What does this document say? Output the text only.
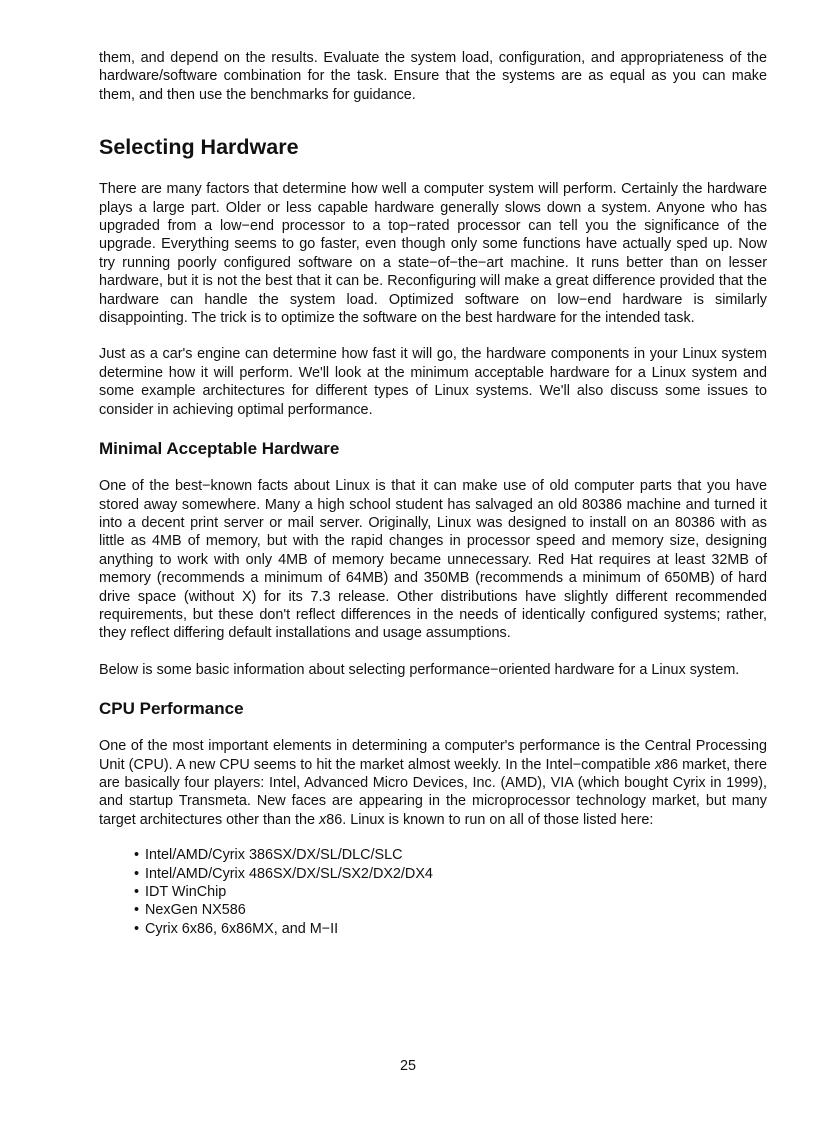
them, and depend on the results. Evaluate the system load, configuration, and appropriateness of the hardware/software combination for the task. Ensure that the systems are as equal as you can make them, and then use the benchmarks for guidance.

Selecting Hardware

There are many factors that determine how well a computer system will perform. Certainly the hardware plays a large part. Older or less capable hardware generally slows down a system. Anyone who has upgraded from a low−end processor to a top−rated processor can tell you the significance of the upgrade. Everything seems to go faster, even though only some functions have actually sped up. Now try running poorly configured software on a state−of−the−art machine. It runs better than on lesser hardware, but it is not the best that it can be. Reconfiguring will make a great difference provided that the hardware can handle the system load. Optimized software on low−end hardware is similarly disappointing. The trick is to optimize the software on the best hardware for the intended task.

Just as a car's engine can determine how fast it will go, the hardware components in your Linux system determine how it will perform. We'll look at the minimum acceptable hardware for a Linux system and some example architectures for different types of Linux systems. We'll also discuss some issues to consider in achieving optimal performance.

Minimal Acceptable Hardware

One of the best−known facts about Linux is that it can make use of old computer parts that you have stored away somewhere. Many a high school student has salvaged an old 80386 machine and turned it into a decent print server or mail server. Originally, Linux was designed to install on an 80386 with as little as 4MB of memory, but with the rapid changes in processor speed and memory size, designing anything to work with only 4MB of memory became unnecessary. Red Hat requires at least 32MB of memory (recommends a minimum of 64MB) and 350MB (recommends a minimum of 650MB) of hard drive space (without X) for its 7.3 release. Other distributions have slightly different recommended requirements, but these don't reflect differences in the needs of identically configured systems; rather, they reflect differing default installations and usage assumptions.

Below is some basic information about selecting performance−oriented hardware for a Linux system.

CPU Performance

One of the most important elements in determining a computer's performance is the Central Processing Unit (CPU). A new CPU seems to hit the market almost weekly. In the Intel−compatible x86 market, there are basically four players: Intel, Advanced Micro Devices, Inc. (AMD), VIA (which bought Cyrix in 1999), and startup Transmeta. New faces are appearing in the microprocessor technology market, but many target architectures other than the x86. Linux is known to run on all of those listed here:

• Intel/AMD/Cyrix 386SX/DX/SL/DLC/SLC
• Intel/AMD/Cyrix 486SX/DX/SL/SX2/DX2/DX4
• IDT WinChip
• NexGen NX586
• Cyrix 6x86, 6x86MX, and M−II
25
